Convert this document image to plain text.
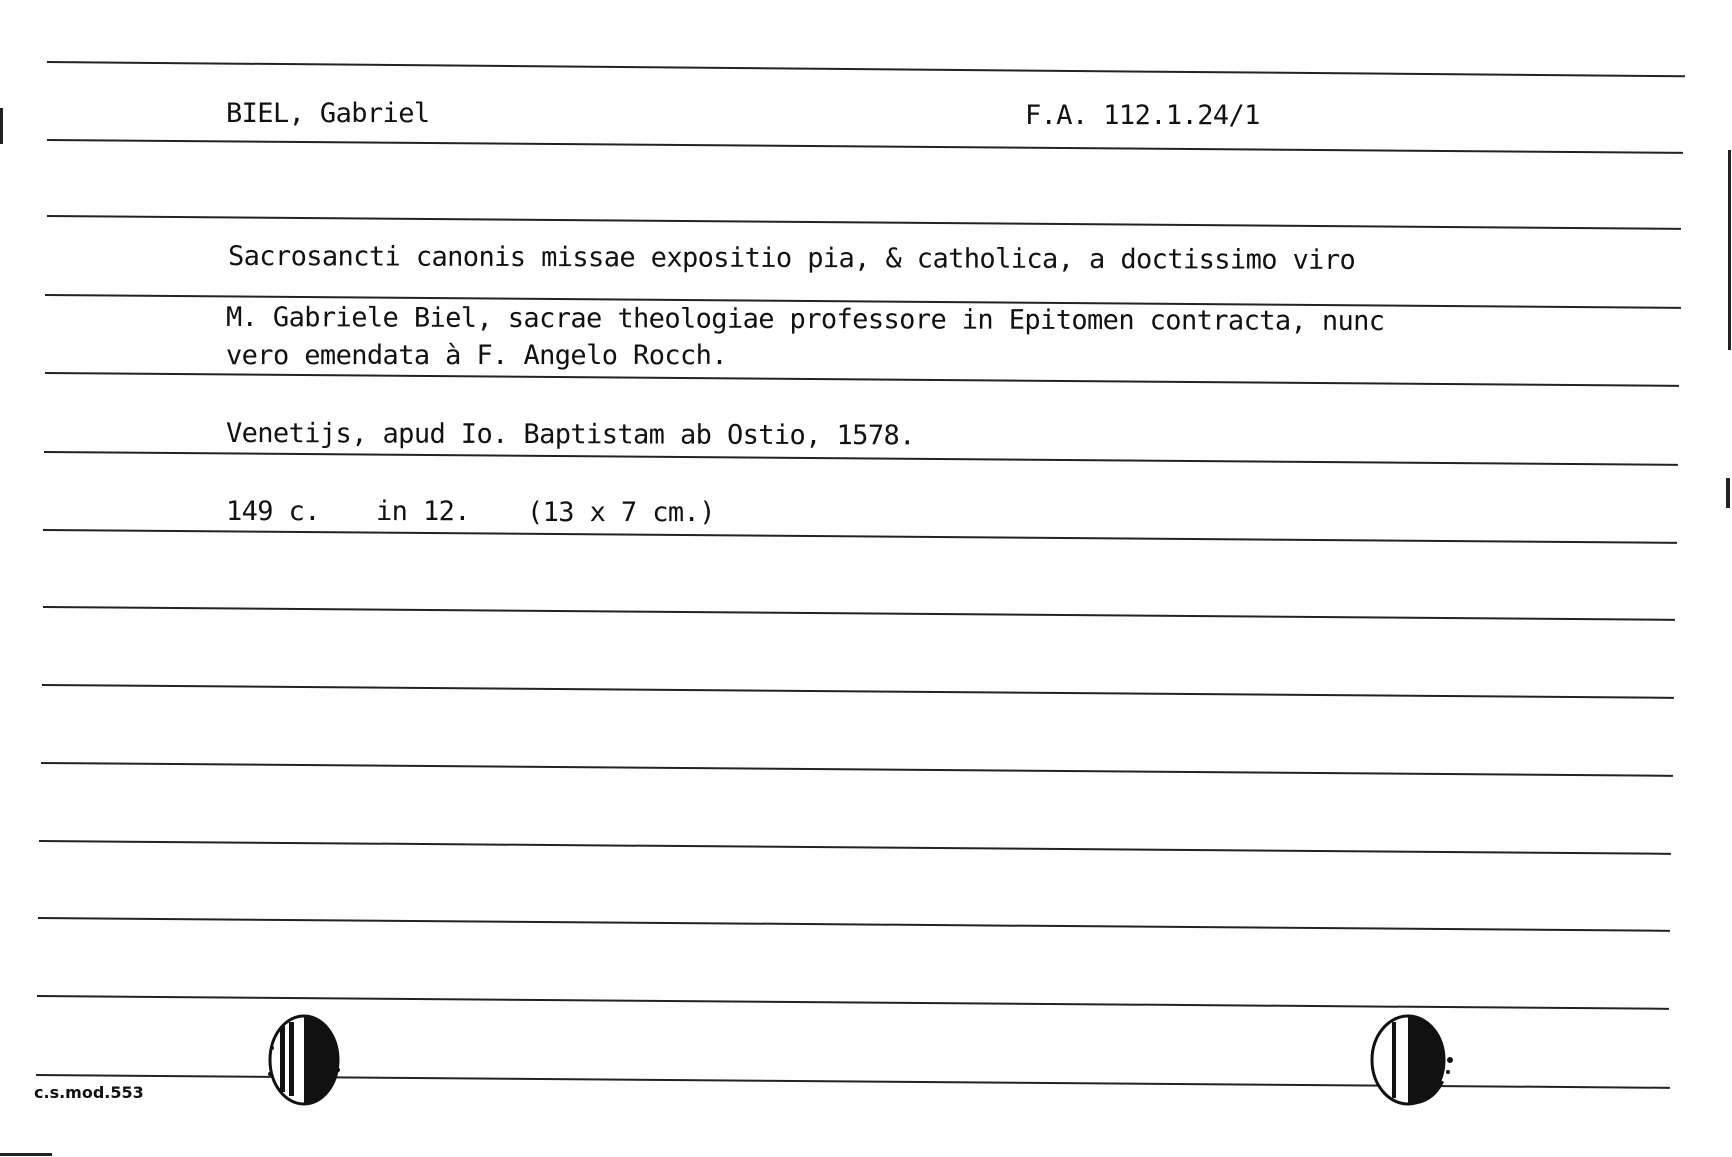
BIEL, Gabriel	F.A. 112.1.24/1
Sacrosancti canonis missae expositio pia, & catholica, a doctissimo viro
M. Gabriele Biel, sacrae theologiae professore in Epitomen contracta, nunc
vero emendata à F. Angelo Rocch.
Venetijs, apud Io. Baptistam ab Ostio, 1578.
149 c. in 12. (13 x 7 cm.)
c.s.mod.553
